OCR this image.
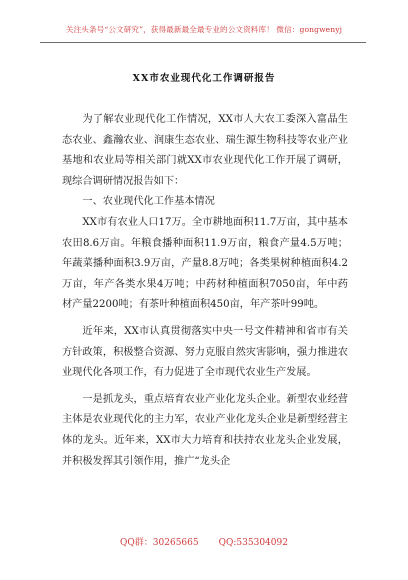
关注头条号“公文研究”，获得最新最全最专业的公文资料库！ 微信：gongwenyj
XX市农业现代化工作调研报告

为了解农业现代化工作情况，XX市人大农工委深入富晶生态农业、鑫瀚农业、润康生态农业、瑞生源生物科技等农业产业基地和农业局等相关部门就XX市农业现代化工作开展了调研，现综合调研情况报告如下：

一、农业现代化工作基本情况

XX市有农业人口17万。全市耕地面积11.7万亩，其中基本农田8.6万亩。年粮食播种面积11.9万亩，粮食产量4.5万吨；年蔬菜播种面积3.9万亩，产量8.8万吨；各类果树种植面积4.2万亩，年产各类水果4万吨；中药材种植面积7050亩，年中药材产量2200吨；有茶叶种植面积450亩，年产茶叶99吨。

近年来，XX市认真贯彻落实中央一号文件精神和省市有关方针政策，积极整合资源、努力克服自然灾害影响，强力推进农业现代化各项工作，有力促进了全市现代农业生产发展。

一是抓龙头，重点培育农业产业化龙头企业。新型农业经营主体是农业现代化的主力军，农业产业化龙头企业是新型经营主体的龙头。近年来，XX市大力培育和扶持农业龙头企业发展，并积极发挥其引领作用，推广“龙头企

QQ群：30265665 QQ:535304092
